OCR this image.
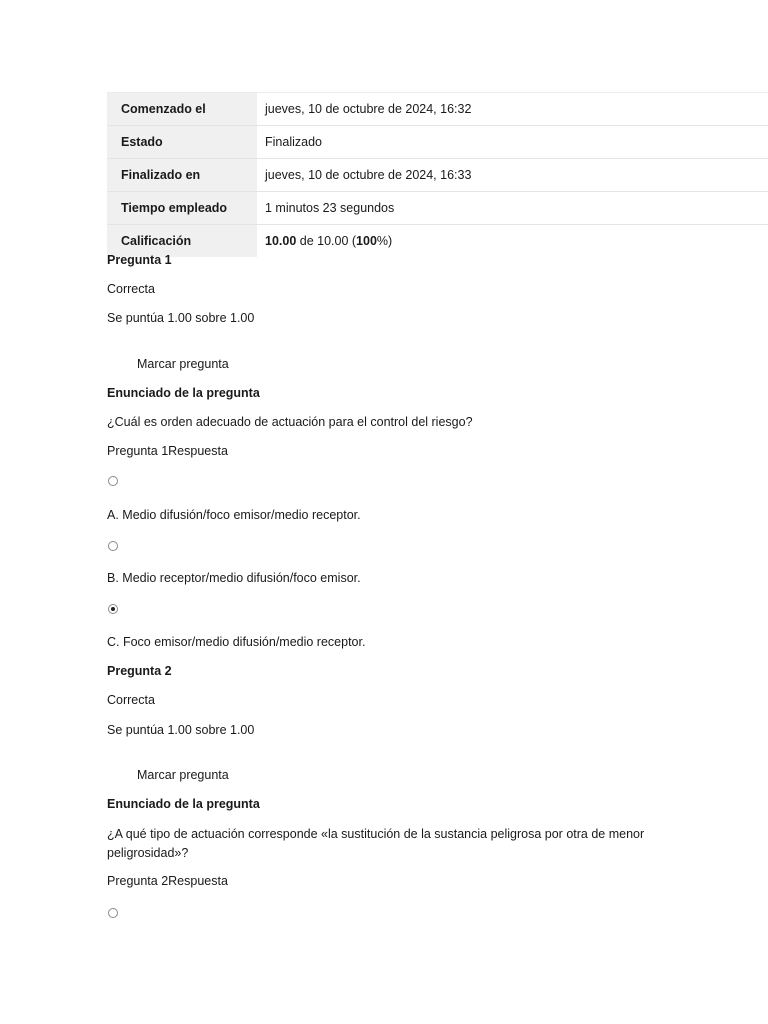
Comenzado el	jueves, 10 de octubre de 2024, 16:32
Estado	Finalizado
Finalizado en	jueves, 10 de octubre de 2024, 16:33
Tiempo empleado	1 minutos 23 segundos
Calificación	10.00 de 10.00 (100%)
Pregunta 1
Correcta
Se puntúa 1.00 sobre 1.00
Marcar pregunta
Enunciado de la pregunta
¿Cuál es orden adecuado de actuación para el control del riesgo?
Pregunta 1Respuesta
A. Medio difusión/foco emisor/medio receptor.
B. Medio receptor/medio difusión/foco emisor.
C. Foco emisor/medio difusión/medio receptor.
Pregunta 2
Correcta
Se puntúa 1.00 sobre 1.00
Marcar pregunta
Enunciado de la pregunta
¿A qué tipo de actuación corresponde «la sustitución de la sustancia peligrosa por otra de menor peligrosidad»?
Pregunta 2Respuesta
